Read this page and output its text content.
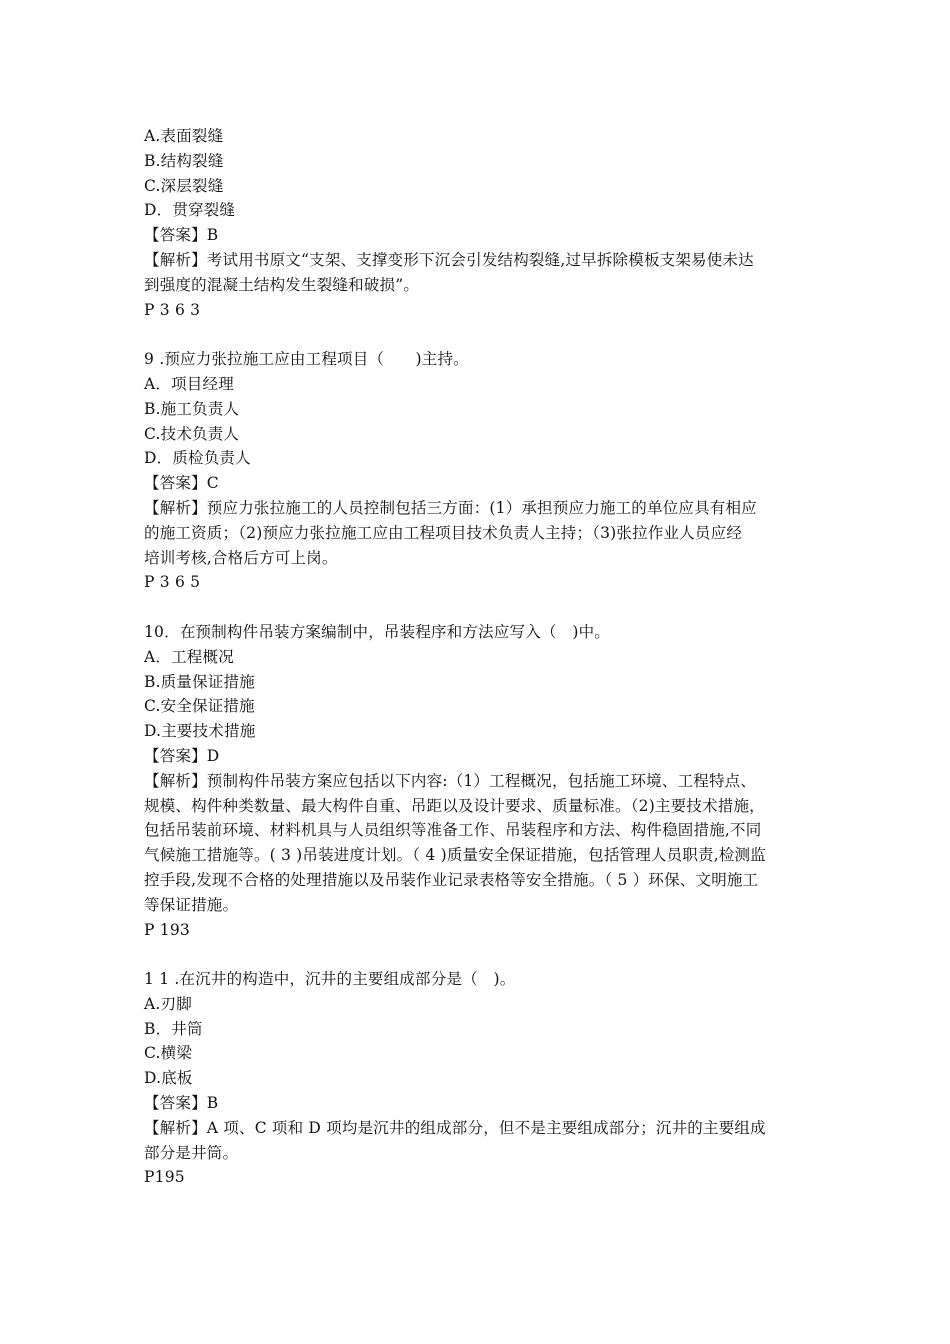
A.表面裂缝
B.结构裂缝
C.深层裂缝
D．贯穿裂缝
【答案】B
【解析】考试用书原文“支架、支撑变形下沉会引发结构裂缝,过早拆除模板支架易使未达
到强度的混凝土结构发生裂缝和破损”。
P 3 6 3
9 .预应力张拉施工应由工程项目（　　)主持。
A．项目经理
B.施工负责人
C.技术负责人
D．质检负责人
【答案】C
【解析】预应力张拉施工的人员控制包括三方面：(1）承担预应力施工的单位应具有相应
的施工资质；（2)预应力张拉施工应由工程项目技术负责人主持；（3)张拉作业人员应经
培训考核,合格后方可上岗。
P 3 6 5
10．在预制构件吊装方案编制中，吊装程序和方法应写入（　)中。
A．工程概况
B.质量保证措施
C.安全保证措施
D.主要技术措施
【答案】D
【解析】预制构件吊装方案应包括以下内容:（1）工程概况，包括施工环境、工程特点、
规模、构件种类数量、最大构件自重、吊距以及设计要求、质量标准。（2)主要技术措施，
包括吊装前环境、材料机具与人员组织等准备工作、吊装程序和方法、构件稳固措施,不同
气候施工措施等。( 3 )吊装进度计划。（ 4 )质量安全保证措施，包括管理人员职责,检测监
控手段,发现不合格的处理措施以及吊装作业记录表格等安全措施。（ 5 ）环保、文明施工
等保证措施。
P 193
1 1 .在沉井的构造中，沉井的主要组成部分是（　)。
A.刃脚
B．井筒
C.横梁
D.底板
【答案】B
【解析】A 项、C 项和 D 项均是沉井的组成部分，但不是主要组成部分；沉井的主要组成
部分是井筒。
P195
